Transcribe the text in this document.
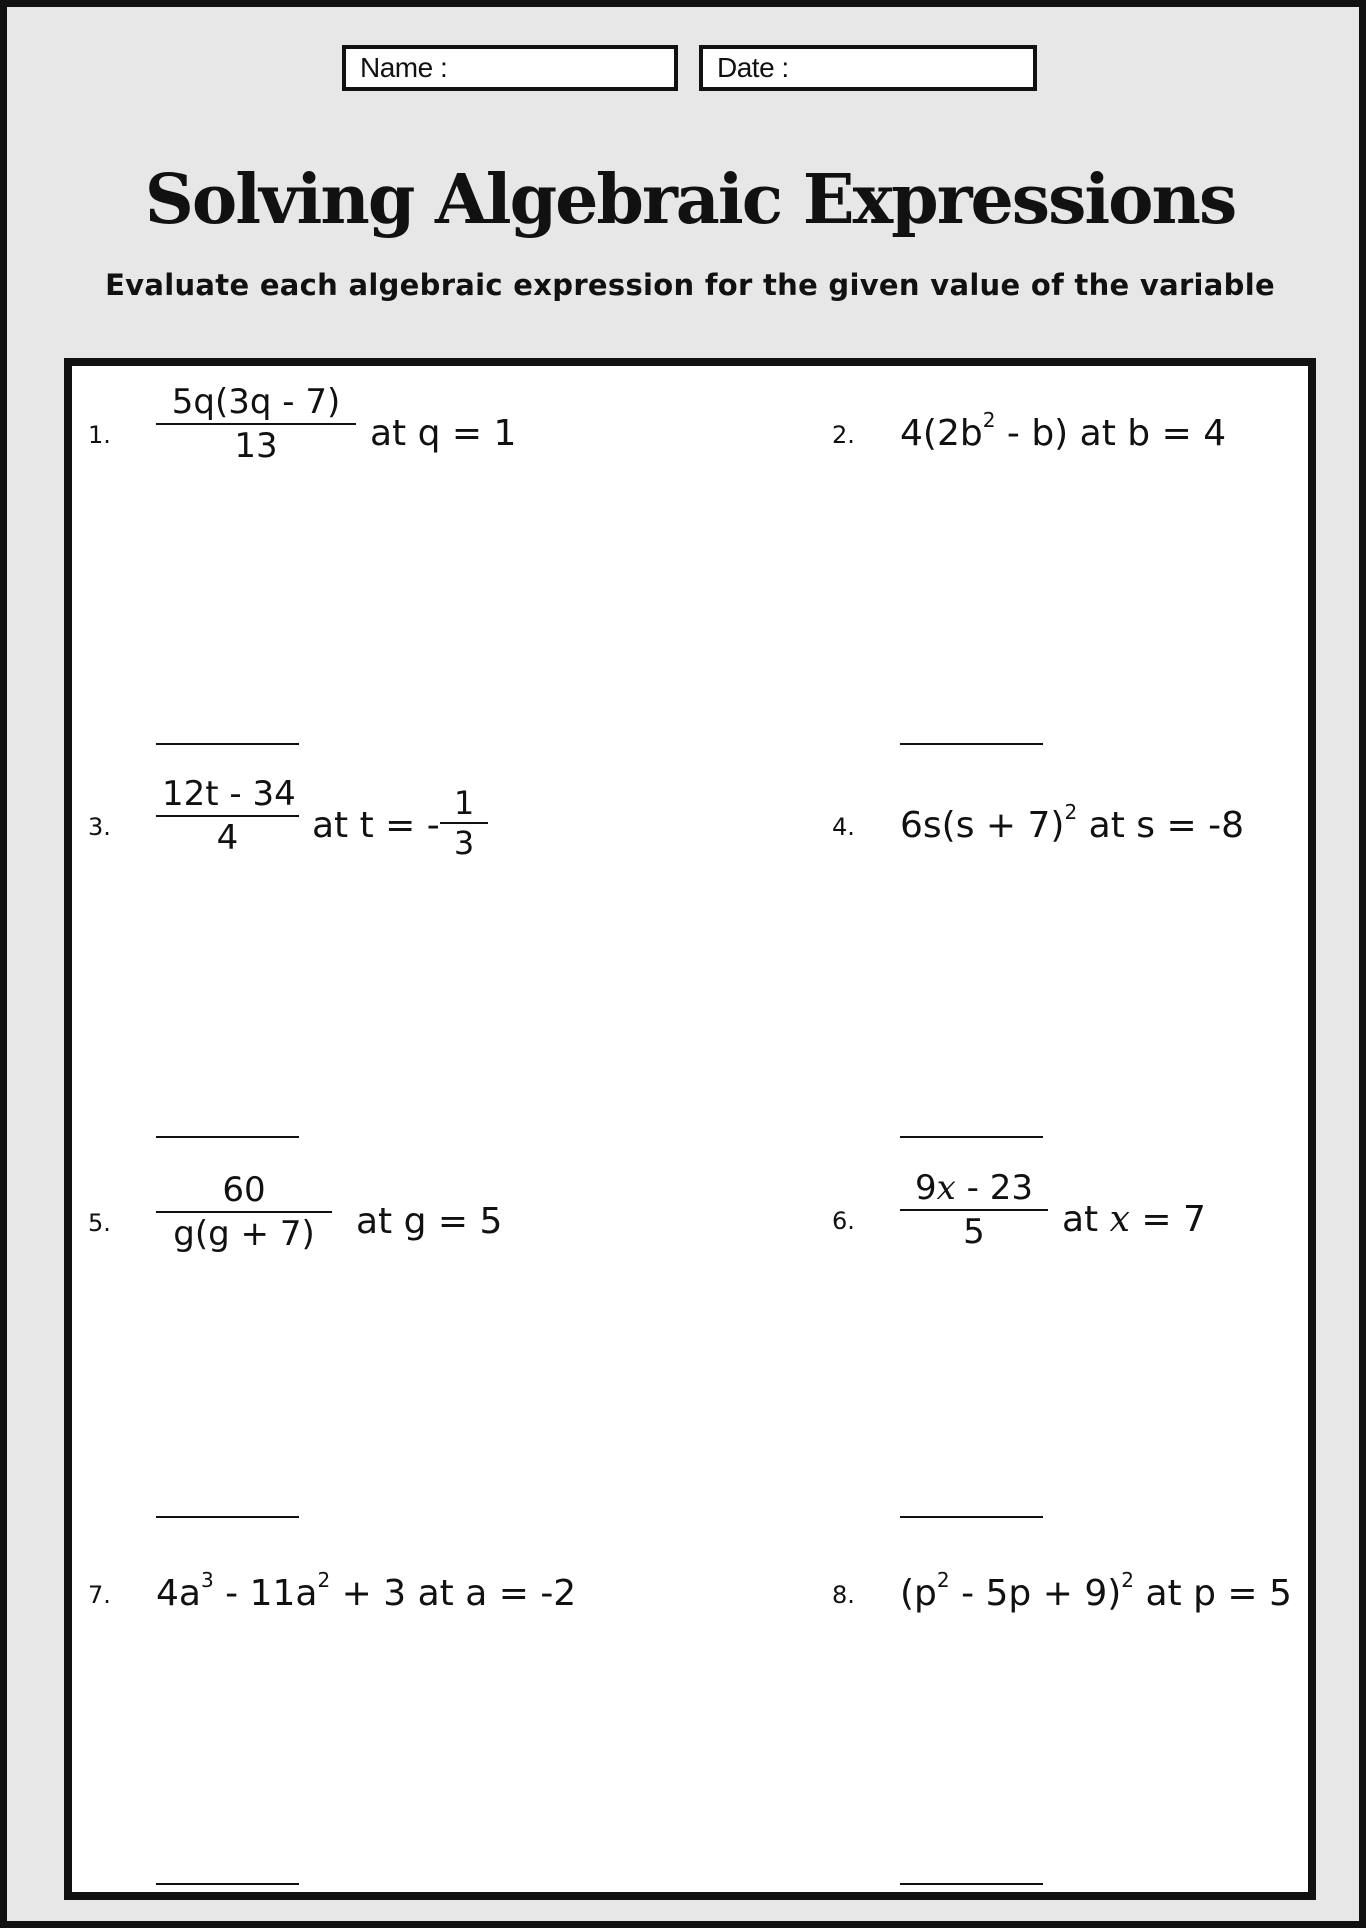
Name :	Date :
Solving Algebraic Expressions
Evaluate each algebraic expression for the given value of the variable
1.
5q(3q - 7)
13	at q = 1	2. $4(2b^2 - b)$ at b = 4
3.
12t - 34
4	at t = -
1
3	4. $6s(s + 7)^2$ at s = -8
5.
60
g(g + 7)	at g = 5	6.
9x - 23
5	at x = 7
7. $4a^3 - 11a^2 + 3$ at a = -2	8. $(p^2 - 5p + 9)^2$ at p = 5
